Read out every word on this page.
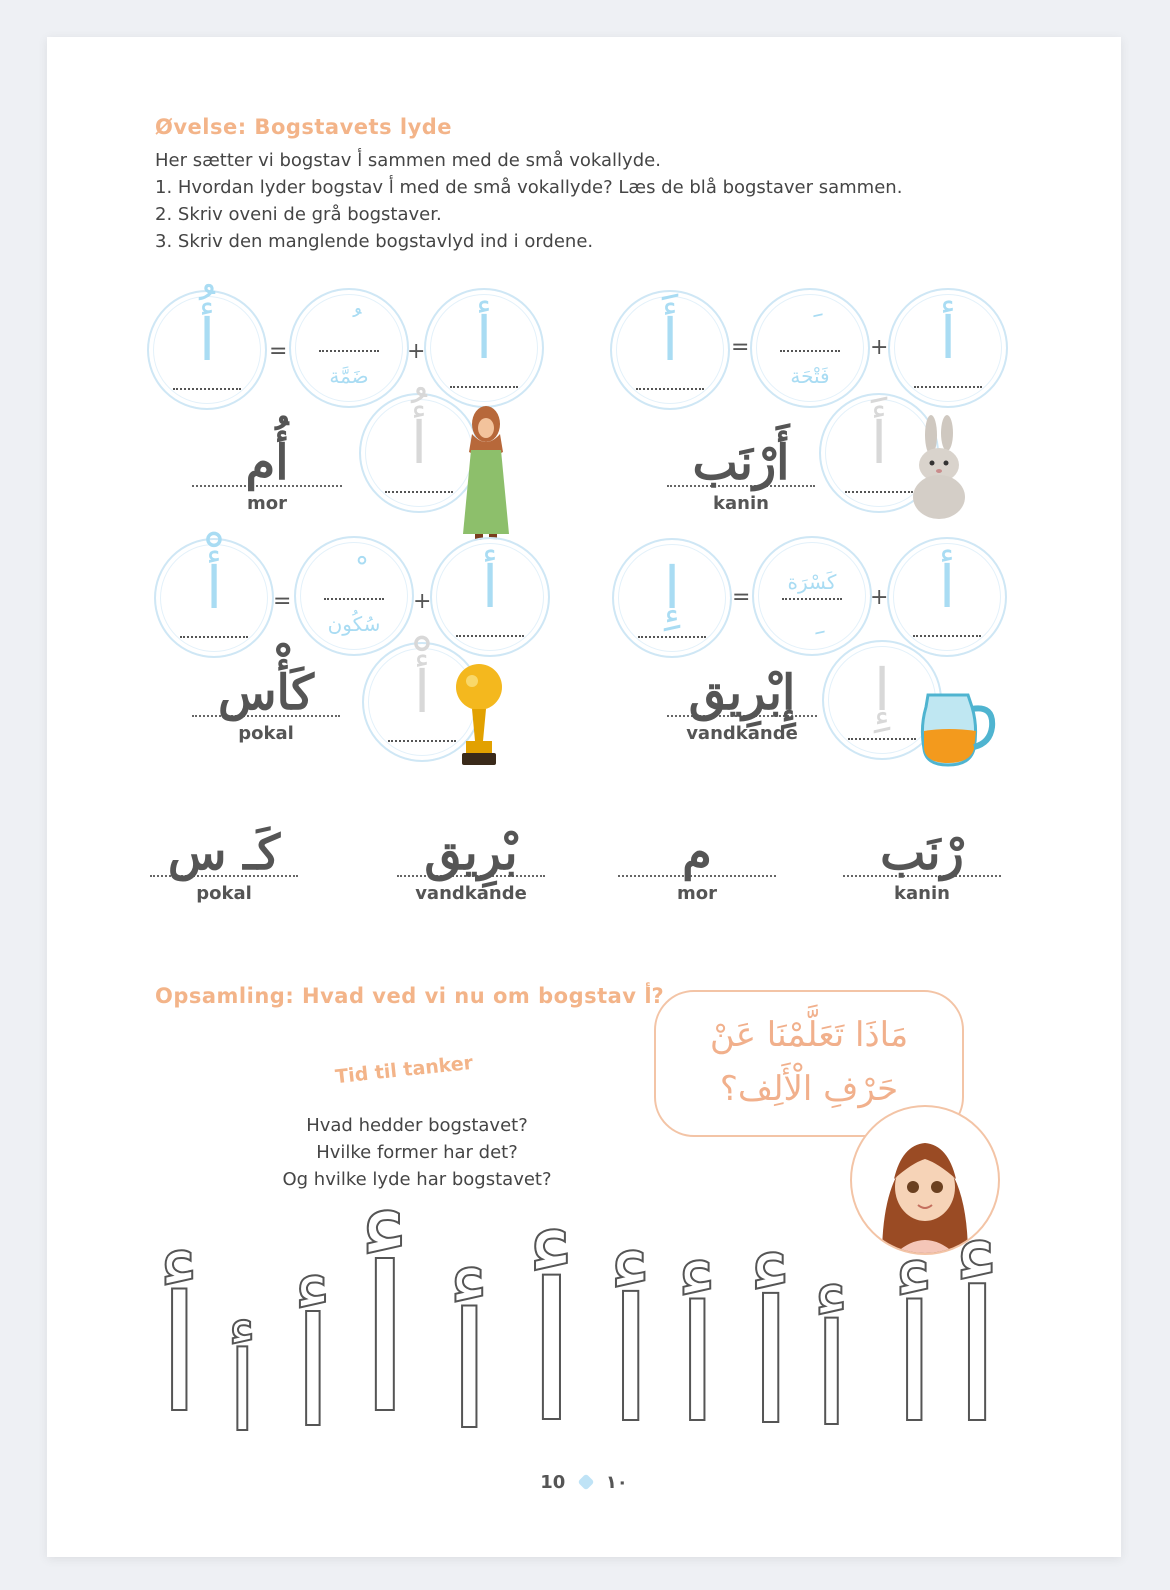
Øvelse: Bogstavets lyde
Her sætter vi bogstav أ sammen med de små vokallyde.
1. Hvordan lyder bogstav أ med de små vokallyde? Læs de blå bogstaver sammen.
2. Skriv oveni de grå bogstaver.
3. Skriv den manglende bogstavlyd ind i ordene.
أُ	=
ضَمَّة
+ أ
أُ
أُم
mor
أَ	=
فَتْحَة
+ أ
أَ
أَرْنَب
kanin
أْ	=
سُكُون
+ أ
أْ
كَأْس
pokal
إِ	=
كَسْرَة
+ أ
إِ
إِبْرِيق
vandkande
كَـ س
pokal
بْرِيق
vandkande
م
mor
رْنَب
kanin
Opsamling: Hvad ved vi nu om bogstav أ?
Tid til tanker
Hvad hedder bogstavet?
Hvilke former har det?
Og hvilke lyde har bogstavet?
مَاذَا تَعَلَّمْنَا عَنْ
حَرْفِ الْأَلِف؟
أ أ أ أ أ أ أ أ أ أ أ أ
10 ١٠
